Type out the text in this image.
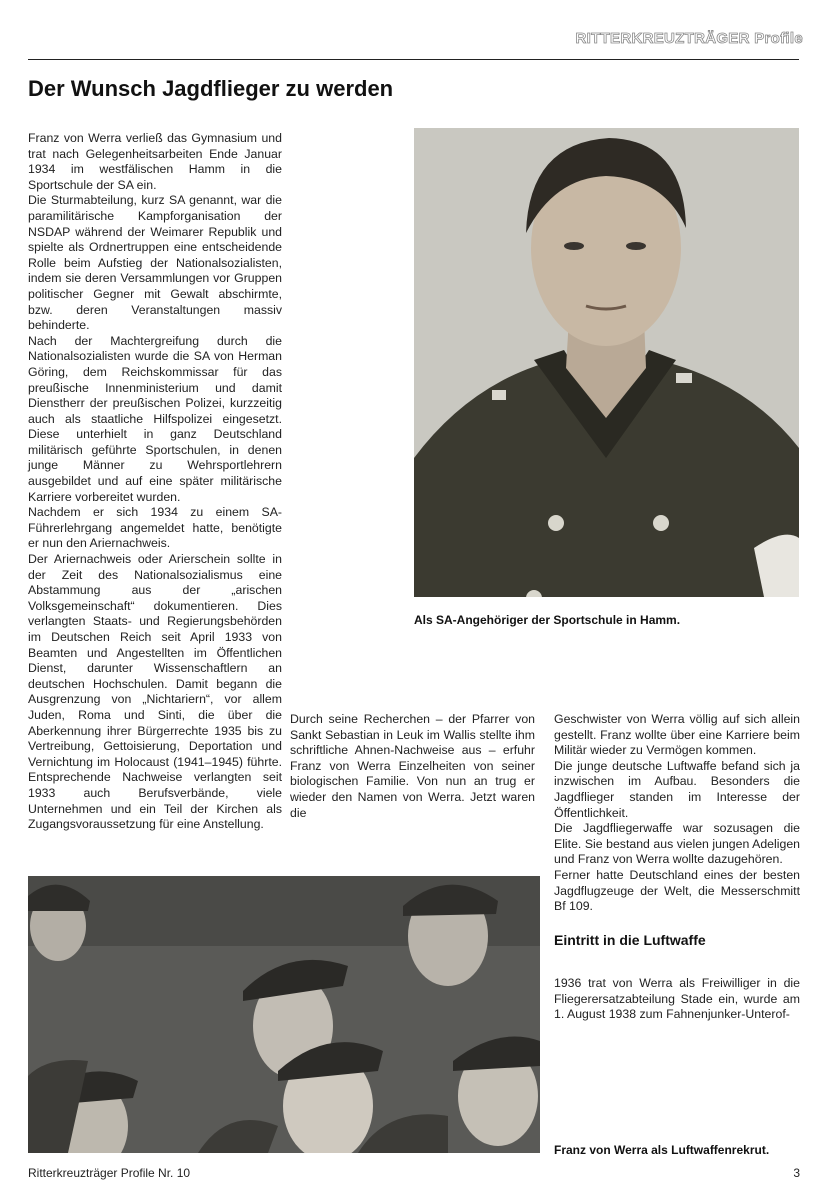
RITTERKREUZTRÄGER Profile
Der Wunsch Jagdflieger zu werden

Franz von Werra verließ das Gymnasium und trat nach Gelegenheitsarbeiten Ende Januar 1934 im westfälischen Hamm in die Sportschule der SA ein.

Die Sturmabteilung, kurz SA genannt, war die paramilitärische Kampforganisation der NSDAP während der Weimarer Republik und spielte als Ordnertruppen eine entscheidende Rolle beim Aufstieg der Nationalsozialisten, indem sie deren Versammlungen vor Gruppen politischer Gegner mit Gewalt abschirmte, bzw. deren Veranstaltungen massiv behinderte.

Nach der Machtergreifung durch die Nationalsozialisten wurde die SA von Herman Göring, dem Reichskommissar für das preußische Innenministerium und damit Dienstherr der preußischen Polizei, kurzzeitig auch als staatliche Hilfspolizei eingesetzt. Diese unterhielt in ganz Deutschland militärisch geführte Sportschulen, in denen junge Männer zu Wehrsportlehrern ausgebildet und auf eine später militärische Karriere vorbereitet wurden.

Nachdem er sich 1934 zu einem SA-Führerlehrgang angemeldet hatte, benötigte er nun den Ariernachweis.

Der Ariernachweis oder Arierschein sollte in der Zeit des Nationalsozialismus eine Abstammung aus der „arischen Volksgemeinschaft“ dokumentieren. Dies verlangten Staats- und Regierungsbehörden im Deutschen Reich seit April 1933 von Beamten und Angestellten im Öffentlichen Dienst, darunter Wissenschaftlern an deutschen Hochschulen. Damit begann die Ausgrenzung von „Nichtariern“, vor allem Juden, Roma und Sinti, die über die Aberkennung ihrer Bürgerrechte 1935 bis zu Vertreibung, Gettoisierung, Deportation und Vernichtung im Holocaust (1941–1945) führte. Entsprechende Nachweise verlangten seit 1933 auch Berufsverbände, viele Unternehmen und ein Teil der Kirchen als Zugangsvoraussetzung für eine Anstellung.

Als SA-Angehöriger der Sportschule in Hamm.

Durch seine Recherchen – der Pfarrer von Sankt Sebastian in Leuk im Wallis stellte ihm schriftliche Ahnen-Nachweise aus – erfuhr Franz von Werra Einzelheiten von seiner biologischen Familie. Von nun an trug er wieder den Namen von Werra. Jetzt waren die

Geschwister von Werra völlig auf sich allein gestellt. Franz wollte über eine Karriere beim Militär wieder zu Vermögen kommen.

Die junge deutsche Luftwaffe befand sich ja inzwischen im Aufbau. Besonders die Jagdflieger standen im Interesse der Öffentlichkeit.

Die Jagdfliegerwaffe war sozusagen die Elite. Sie bestand aus vielen jungen Adeligen und Franz von Werra wollte dazugehören.

Ferner hatte Deutschland eines der besten Jagdflugzeuge der Welt, die Messerschmitt Bf 109.

Eintritt in die Luftwaffe

1936 trat von Werra als Freiwilliger in die Fliegerersatzabteilung Stade ein, wurde am 1. August 1938 zum Fahnenjunker-Unterof-

Franz von Werra als Luftwaffenrekrut.

Ritterkreuzträger Profile Nr. 10	3
